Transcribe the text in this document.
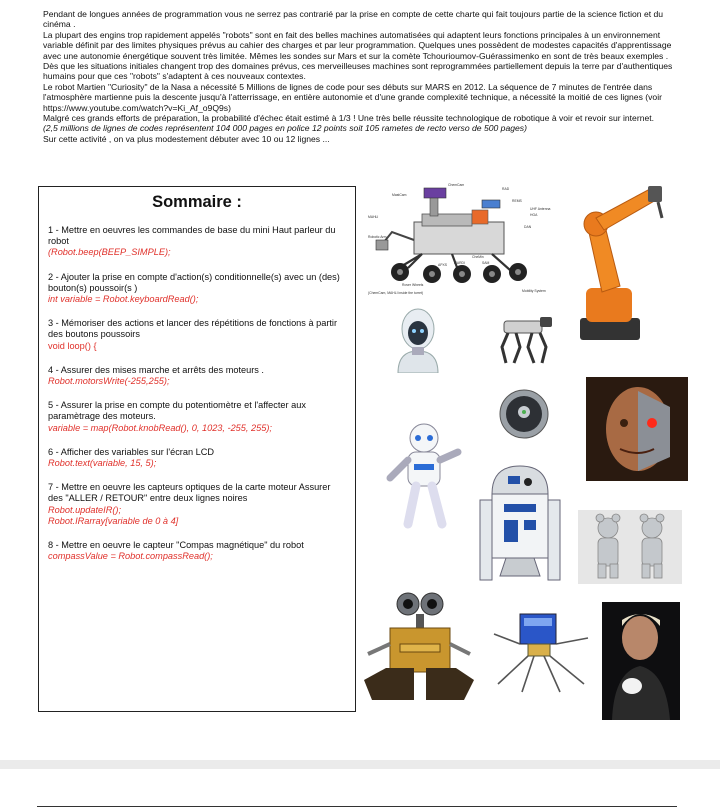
Pendant de longues années de programmation vous ne serrez pas contrarié par la prise en compte de cette charte qui fait toujours partie de la science fiction et du cinéma .

La plupart des engins trop rapidement appelés "robots" sont en fait des belles machines automatisées qui adaptent leurs fonctions principales à un environnement variable définit par des limites physiques prévus au cahier des charges et par leur programmation. Quelques unes possèdent de modestes capacités d'apprentissage avec une autonomie énergétique souvent très limitée. Mêmes les sondes sur Mars et sur la comète Tchourioumov-Guérassimenko en sont de très beaux exemples . Dès que les situations initiales changent trop des domaines prévus, ces merveilleuses machines sont reprogrammées partiellement depuis la terre par d'authentiques humains pour que ces "robots" s'adaptent à ces nouveaux contextes.

Le robot Martien "Curiosity" de la Nasa a nécessité 5 Millions de lignes de code pour ses débuts sur MARS en 2012. La séquence de 7 minutes de l'entrée dans l'atmosphère martienne puis la descente jusqu'à l'atterrissage, en entière autonomie et d'une grande complexité technique, a nécessité la moitié de ces lignes (voir https://www.youtube.com/watch?v=Ki_Af_o9Q9s)

Malgré ces grands efforts de préparation, la probabilité d'échec était estimé à 1/3 ! Une très belle réussite technologique de robotique à voir et revoir sur internet.

(2,5 millions de lignes de codes représentent 104 000 pages en police 12 points soit 105 rametes de recto verso de 500 pages)

Sur cette activité , on va plus modestement débuter avec 10 ou 12 lignes ...

Sommaire :
1 - Mettre en oeuvres les commandes de base du mini Haut parleur du robot
(Robot.beep(BEEP_SIMPLE);
2 - Ajouter la prise en compte d'action(s) conditionnelle(s) avec un (des) bouton(s) poussoir(s )
int variable = Robot.keyboardRead();
3 - Mémoriser des actions et lancer des répétitions de fonctions à partir des boutons poussoirs
void loop() {
4 - Assurer des mises marche et arrêts des moteurs .
Robot.motorsWrite(-255,255);
5 - Assurer la prise en compte du potentiomètre et l'affecter aux paramètrage des moteurs.
variable = map(Robot.knobRead(), 0, 1023, -255, 255);
6 - Afficher des variables sur l'écran LCD
Robot.text(variable, 15, 5);
7 - Mettre en oeuvre les capteurs optiques de la carte moteur Assurer des "ALLER / RETOUR" entre deux lignes noires
Robot.updateIR();
Robot.IRarray[variable de 0 à 4]
8 - Mettre en oeuvre le capteur "Compas magnétique" du robot
compassValue = Robot.compassRead();
ChemCam
MastCam
MAHLI
RAD
REMS
DAN
CheMin
SAM
APXS MARDI
Mobility System
UHF Antenna
HGA
Rover Wheels
Robotic Arm
(ChemCam, MAHLI inside the turret)
